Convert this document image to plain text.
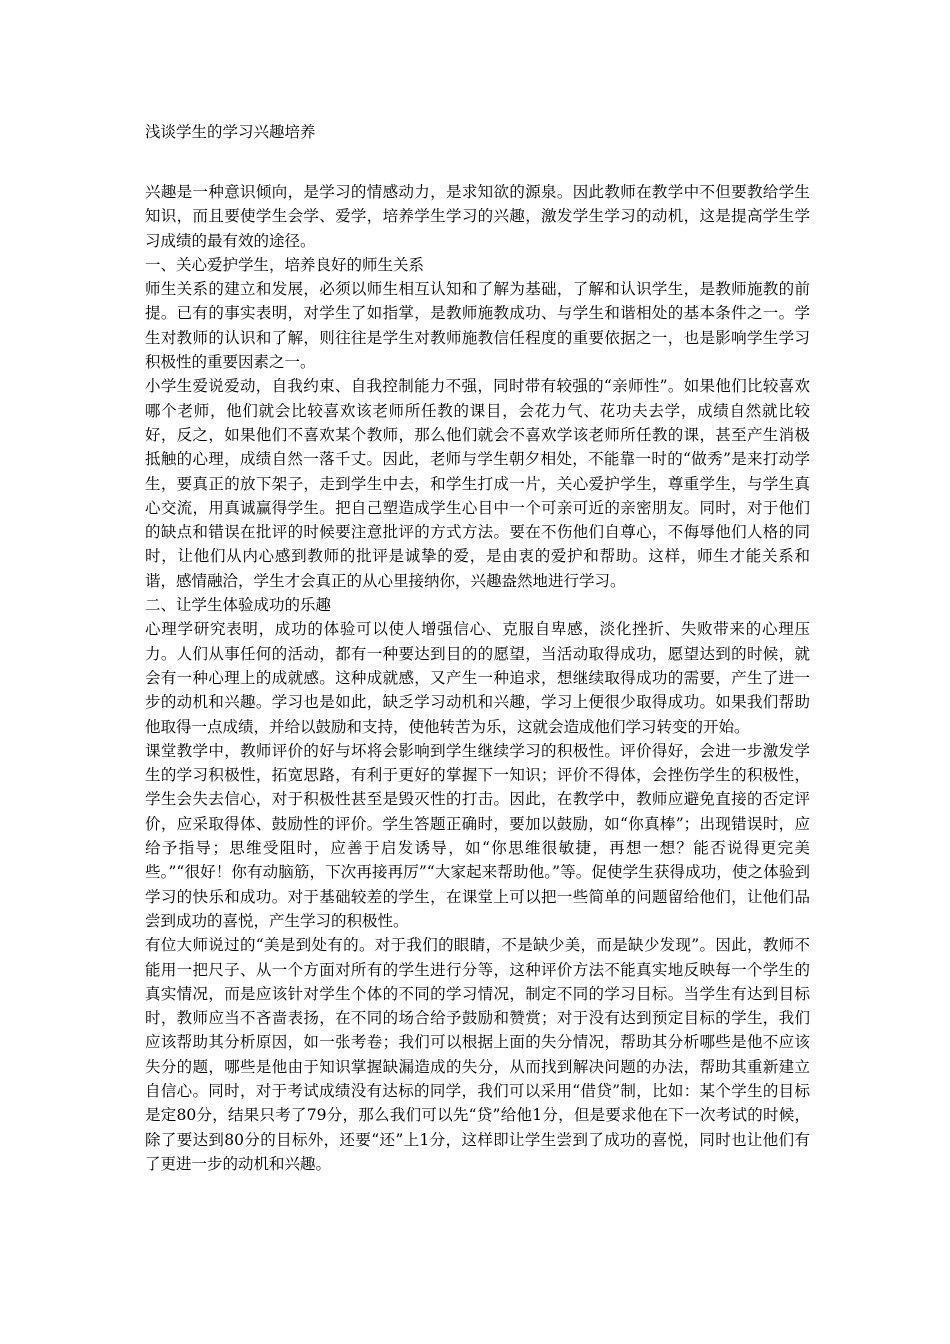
浅谈学生的学习兴趣培养

兴趣是一种意识倾向，是学习的情感动力，是求知欲的源泉。因此教师在教学中不但要教给学生知识，而且要使学生会学、爱学，培养学生学习的兴趣，激发学生学习的动机，这是提高学生学习成绩的最有效的途径。

一、关心爱护学生，培养良好的师生关系

师生关系的建立和发展，必须以师生相互认知和了解为基础，了解和认识学生，是教师施教的前提。已有的事实表明，对学生了如指掌，是教师施教成功、与学生和谐相处的基本条件之一。学生对教师的认识和了解，则往往是学生对教师施教信任程度的重要依据之一，也是影响学生学习积极性的重要因素之一。

小学生爱说爱动，自我约束、自我控制能力不强，同时带有较强的“亲师性”。如果他们比较喜欢哪个老师，他们就会比较喜欢该老师所任教的课目，会花力气、花功夫去学，成绩自然就比较好，反之，如果他们不喜欢某个教师，那么他们就会不喜欢学该老师所任教的课，甚至产生消极抵触的心理，成绩自然一落千丈。因此，老师与学生朝夕相处，不能靠一时的“做秀”是来打动学生，要真正的放下架子，走到学生中去，和学生打成一片，关心爱护学生，尊重学生，与学生真心交流，用真诚赢得学生。把自己塑造成学生心目中一个可亲可近的亲密朋友。同时，对于他们的缺点和错误在批评的时候要注意批评的方式方法。要在不伤他们自尊心，不侮辱他们人格的同时，让他们从内心感到教师的批评是诚挚的爱，是由衷的爱护和帮助。这样，师生才能关系和谐，感情融洽，学生才会真正的从心里接纳你，兴趣盎然地进行学习。

二、让学生体验成功的乐趣

心理学研究表明，成功的体验可以使人增强信心、克服自卑感，淡化挫折、失败带来的心理压力。人们从事任何的活动，都有一种要达到目的的愿望，当活动取得成功，愿望达到的时候，就会有一种心理上的成就感。这种成就感，又产生一种追求，想继续取得成功的需要，产生了进一步的动机和兴趣。学习也是如此，缺乏学习动机和兴趣，学习上便很少取得成功。如果我们帮助他取得一点成绩，并给以鼓励和支持，使他转苦为乐，这就会造成他们学习转变的开始。

课堂教学中，教师评价的好与坏将会影响到学生继续学习的积极性。评价得好，会进一步激发学生的学习积极性，拓宽思路，有利于更好的掌握下一知识；评价不得体，会挫伤学生的积极性，学生会失去信心，对于积极性甚至是毁灭性的打击。因此，在教学中，教师应避免直接的否定评价，应采取得体、鼓励性的评价。学生答题正确时，要加以鼓励，如“你真棒”；出现错误时，应给予指导；思维受阻时，应善于启发诱导，如“你思维很敏捷，再想一想？能否说得更完美些。”“很好！你有动脑筋，下次再接再厉”“大家起来帮助他。”等。促使学生获得成功，使之体验到学习的快乐和成功。对于基础较差的学生，在课堂上可以把一些简单的问题留给他们，让他们品尝到成功的喜悦，产生学习的积极性。

有位大师说过的“美是到处有的。对于我们的眼睛，不是缺少美，而是缺少发现”。因此，教师不能用一把尺子、从一个方面对所有的学生进行分等，这种评价方法不能真实地反映每一个学生的真实情况，而是应该针对学生个体的不同的学习情况，制定不同的学习目标。当学生有达到目标时，教师应当不吝啬表扬，在不同的场合给予鼓励和赞赏；对于没有达到预定目标的学生，我们应该帮助其分析原因，如一张考卷；我们可以根据上面的失分情况，帮助其分析哪些是他不应该失分的题，哪些是他由于知识掌握缺漏造成的失分，从而找到解决问题的办法，帮助其重新建立自信心。同时，对于考试成绩没有达标的同学，我们可以采用“借贷”制，比如：某个学生的目标是定80分，结果只考了79分，那么我们可以先“贷”给他1分，但是要求他在下一次考试的时候，除了要达到80分的目标外，还要“还”上1分，这样即让学生尝到了成功的喜悦，同时也让他们有了更进一步的动机和兴趣。
